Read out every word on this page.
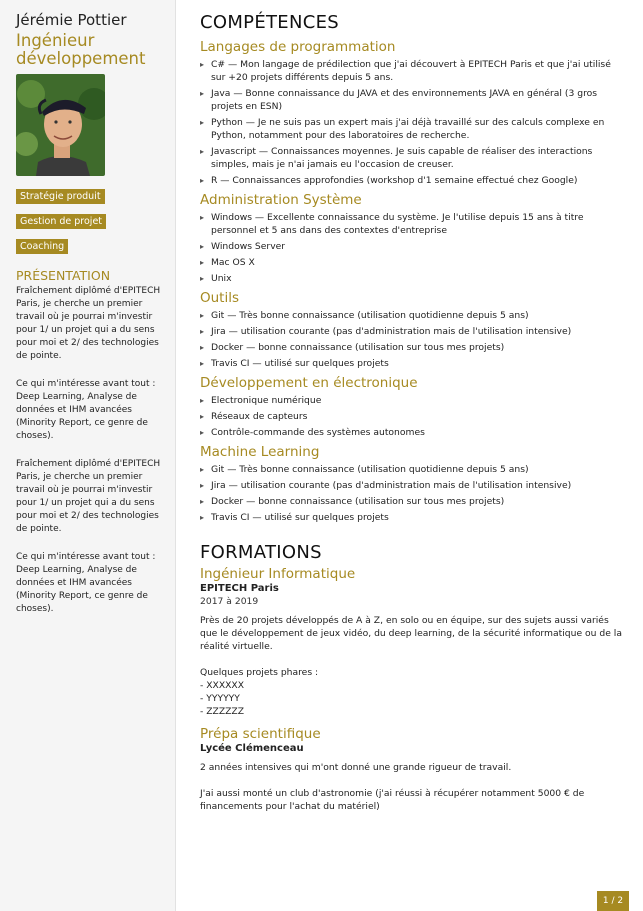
Jérémie Pottier
Ingénieur développement
Stratégie produit
Gestion de projetCoaching
PRÉSENTATION

Fraîchement diplômé d'EPITECH Paris, je cherche un premier travail où je pourrai m'investir pour 1/ un projet qui a du sens pour moi et 2/ des technologies de pointe.

Ce qui m'intéresse avant tout : Deep Learning, Analyse de données et IHM avancées (Minority Report, ce genre de choses).

Fraîchement diplômé d'EPITECH Paris, je cherche un premier travail où je pourrai m'investir pour 1/ un projet qui a du sens pour moi et 2/ des technologies de pointe.

Ce qui m'intéresse avant tout : Deep Learning, Analyse de données et IHM avancées (Minority Report, ce genre de choses).

COMPÉTENCES
Langages de programmation
▸ C# — Mon langage de prédilection que j'ai découvert à EPITECH Paris et que j'ai utilisé sur +20 projets différents depuis 5 ans.
▸ Java — Bonne connaissance du JAVA et des environnements JAVA en général (3 gros projets en ESN)
▸ Python — Je ne suis pas un expert mais j'ai déjà travaillé sur des calculs complexe en Python, notamment pour des laboratoires de recherche.
▸ Javascript — Connaissances moyennes. Je suis capable de réaliser des interactions simples, mais je n'ai jamais eu l'occasion de creuser.
▸ R — Connaissances approfondies (workshop d'1 semaine effectué chez Google)
Administration Système
▸ Windows — Excellente connaissance du système. Je l'utilise depuis 15 ans à titre personnel et 5 ans dans des contextes d'entreprise
▸ Windows Server
▸ Mac OS X
▸ Unix
Outils
▸ Git — Très bonne connaissance (utilisation quotidienne depuis 5 ans)
▸ Jira — utilisation courante (pas d'administration mais de l'utilisation intensive)
▸ Docker — bonne connaissance (utilisation sur tous mes projets)
▸ Travis CI — utilisé sur quelques projets
Développement en électronique
▸ Electronique numérique
▸ Réseaux de capteurs
▸ Contrôle-commande des systèmes autonomes
Machine Learning
▸ Git — Très bonne connaissance (utilisation quotidienne depuis 5 ans)
▸ Jira — utilisation courante (pas d'administration mais de l'utilisation intensive)
▸ Docker — bonne connaissance (utilisation sur tous mes projets)
▸ Travis CI — utilisé sur quelques projets
FORMATIONS
Ingénieur Informatique
EPITECH Paris
2017 à 2019

Près de 20 projets développés de A à Z, en solo ou en équipe, sur des sujets aussi variés que le développement de jeux vidéo, du deep learning, de la sécurité informatique ou de la réalité virtuelle.

Quelques projets phares :
- XXXXXX
- YYYYYY
- ZZZZZZ

Prépa scientifique
Lycée Clémenceau

2 années intensives qui m'ont donné une grande rigueur de travail.

J'ai aussi monté un club d'astronomie (j'ai réussi à récupérer notamment 5000 € de financements pour l'achat du matériel)

1 / 2
